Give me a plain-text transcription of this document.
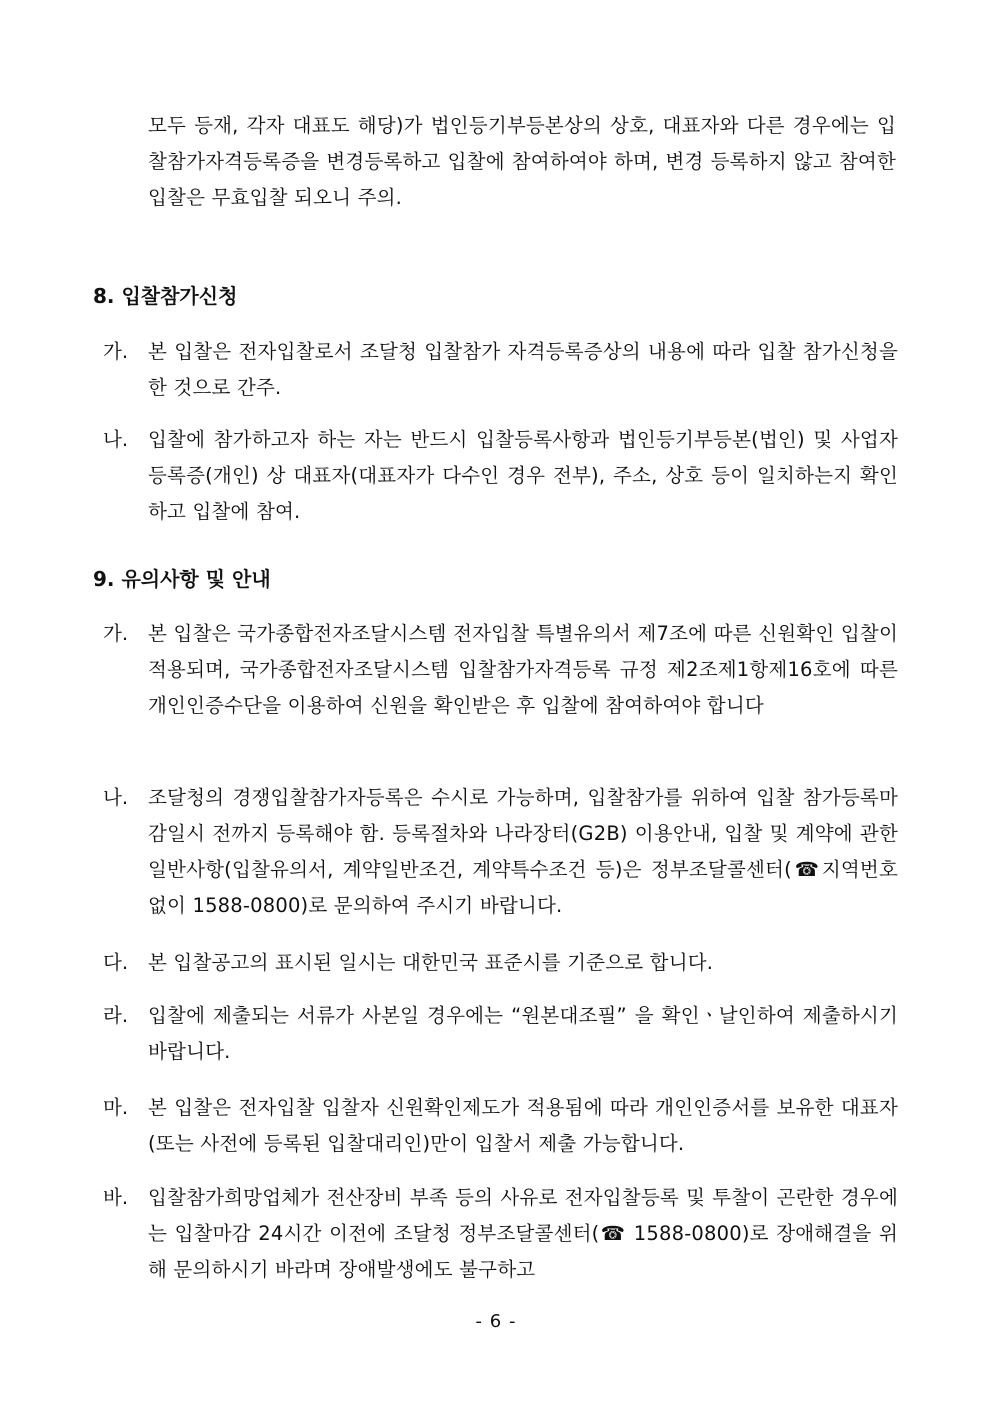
모두 등재, 각자 대표도 해당)가 법인등기부등본상의 상호, 대표자와 다른 경우에는 입찰참가자격등록증을 변경등록하고 입찰에 참여하여야 하며, 변경 등록하지 않고 참여한 입찰은 무효입찰 되오니 주의.

8. 입찰참가신청
가.	본 입찰은 전자입찰로서 조달청 입찰참가 자격등록증상의 내용에 따라 입찰 참가신청을 한 것으로 간주.
나.	입찰에 참가하고자 하는 자는 반드시 입찰등록사항과 법인등기부등본(법인) 및 사업자등록증(개인) 상 대표자(대표자가 다수인 경우 전부), 주소, 상호 등이 일치하는지 확인하고 입찰에 참여.
9. 유의사항 및 안내
가.	본 입찰은 국가종합전자조달시스템 전자입찰 특별유의서 제7조에 따른 신원확인 입찰이 적용되며, 국가종합전자조달시스템 입찰참가자격등록 규정 제2조제1항제16호에 따른 개인인증수단을 이용하여 신원을 확인받은 후 입찰에 참여하여야 합니다
나.	조달청의 경쟁입찰참가자등록은 수시로 가능하며, 입찰참가를 위하여 입찰 참가등록마감일시 전까지 등록해야 함. 등록절차와 나라장터(G2B) 이용안내, 입찰 및 계약에 관한 일반사항(입찰유의서, 계약일반조건, 계약특수조건 등)은 정부조달콜센터(☎지역번호 없이 1588-0800)로 문의하여 주시기 바랍니다.
다.	본 입찰공고의 표시된 일시는 대한민국 표준시를 기준으로 합니다.
라.	입찰에 제출되는 서류가 사본일 경우에는 “원본대조필” 을 확인ㆍ날인하여 제출하시기 바랍니다.
마.	본 입찰은 전자입찰 입찰자 신원확인제도가 적용됨에 따라 개인인증서를 보유한 대표자(또는 사전에 등록된 입찰대리인)만이 입찰서 제출 가능합니다.
바.	입찰참가희망업체가 전산장비 부족 등의 사유로 전자입찰등록 및 투찰이 곤란한 경우에는 입찰마감 24시간 이전에 조달청 정부조달콜센터(☎ 1588-0800)로 장애해결을 위해 문의하시기 바라며 장애발생에도 불구하고
- 6 -
